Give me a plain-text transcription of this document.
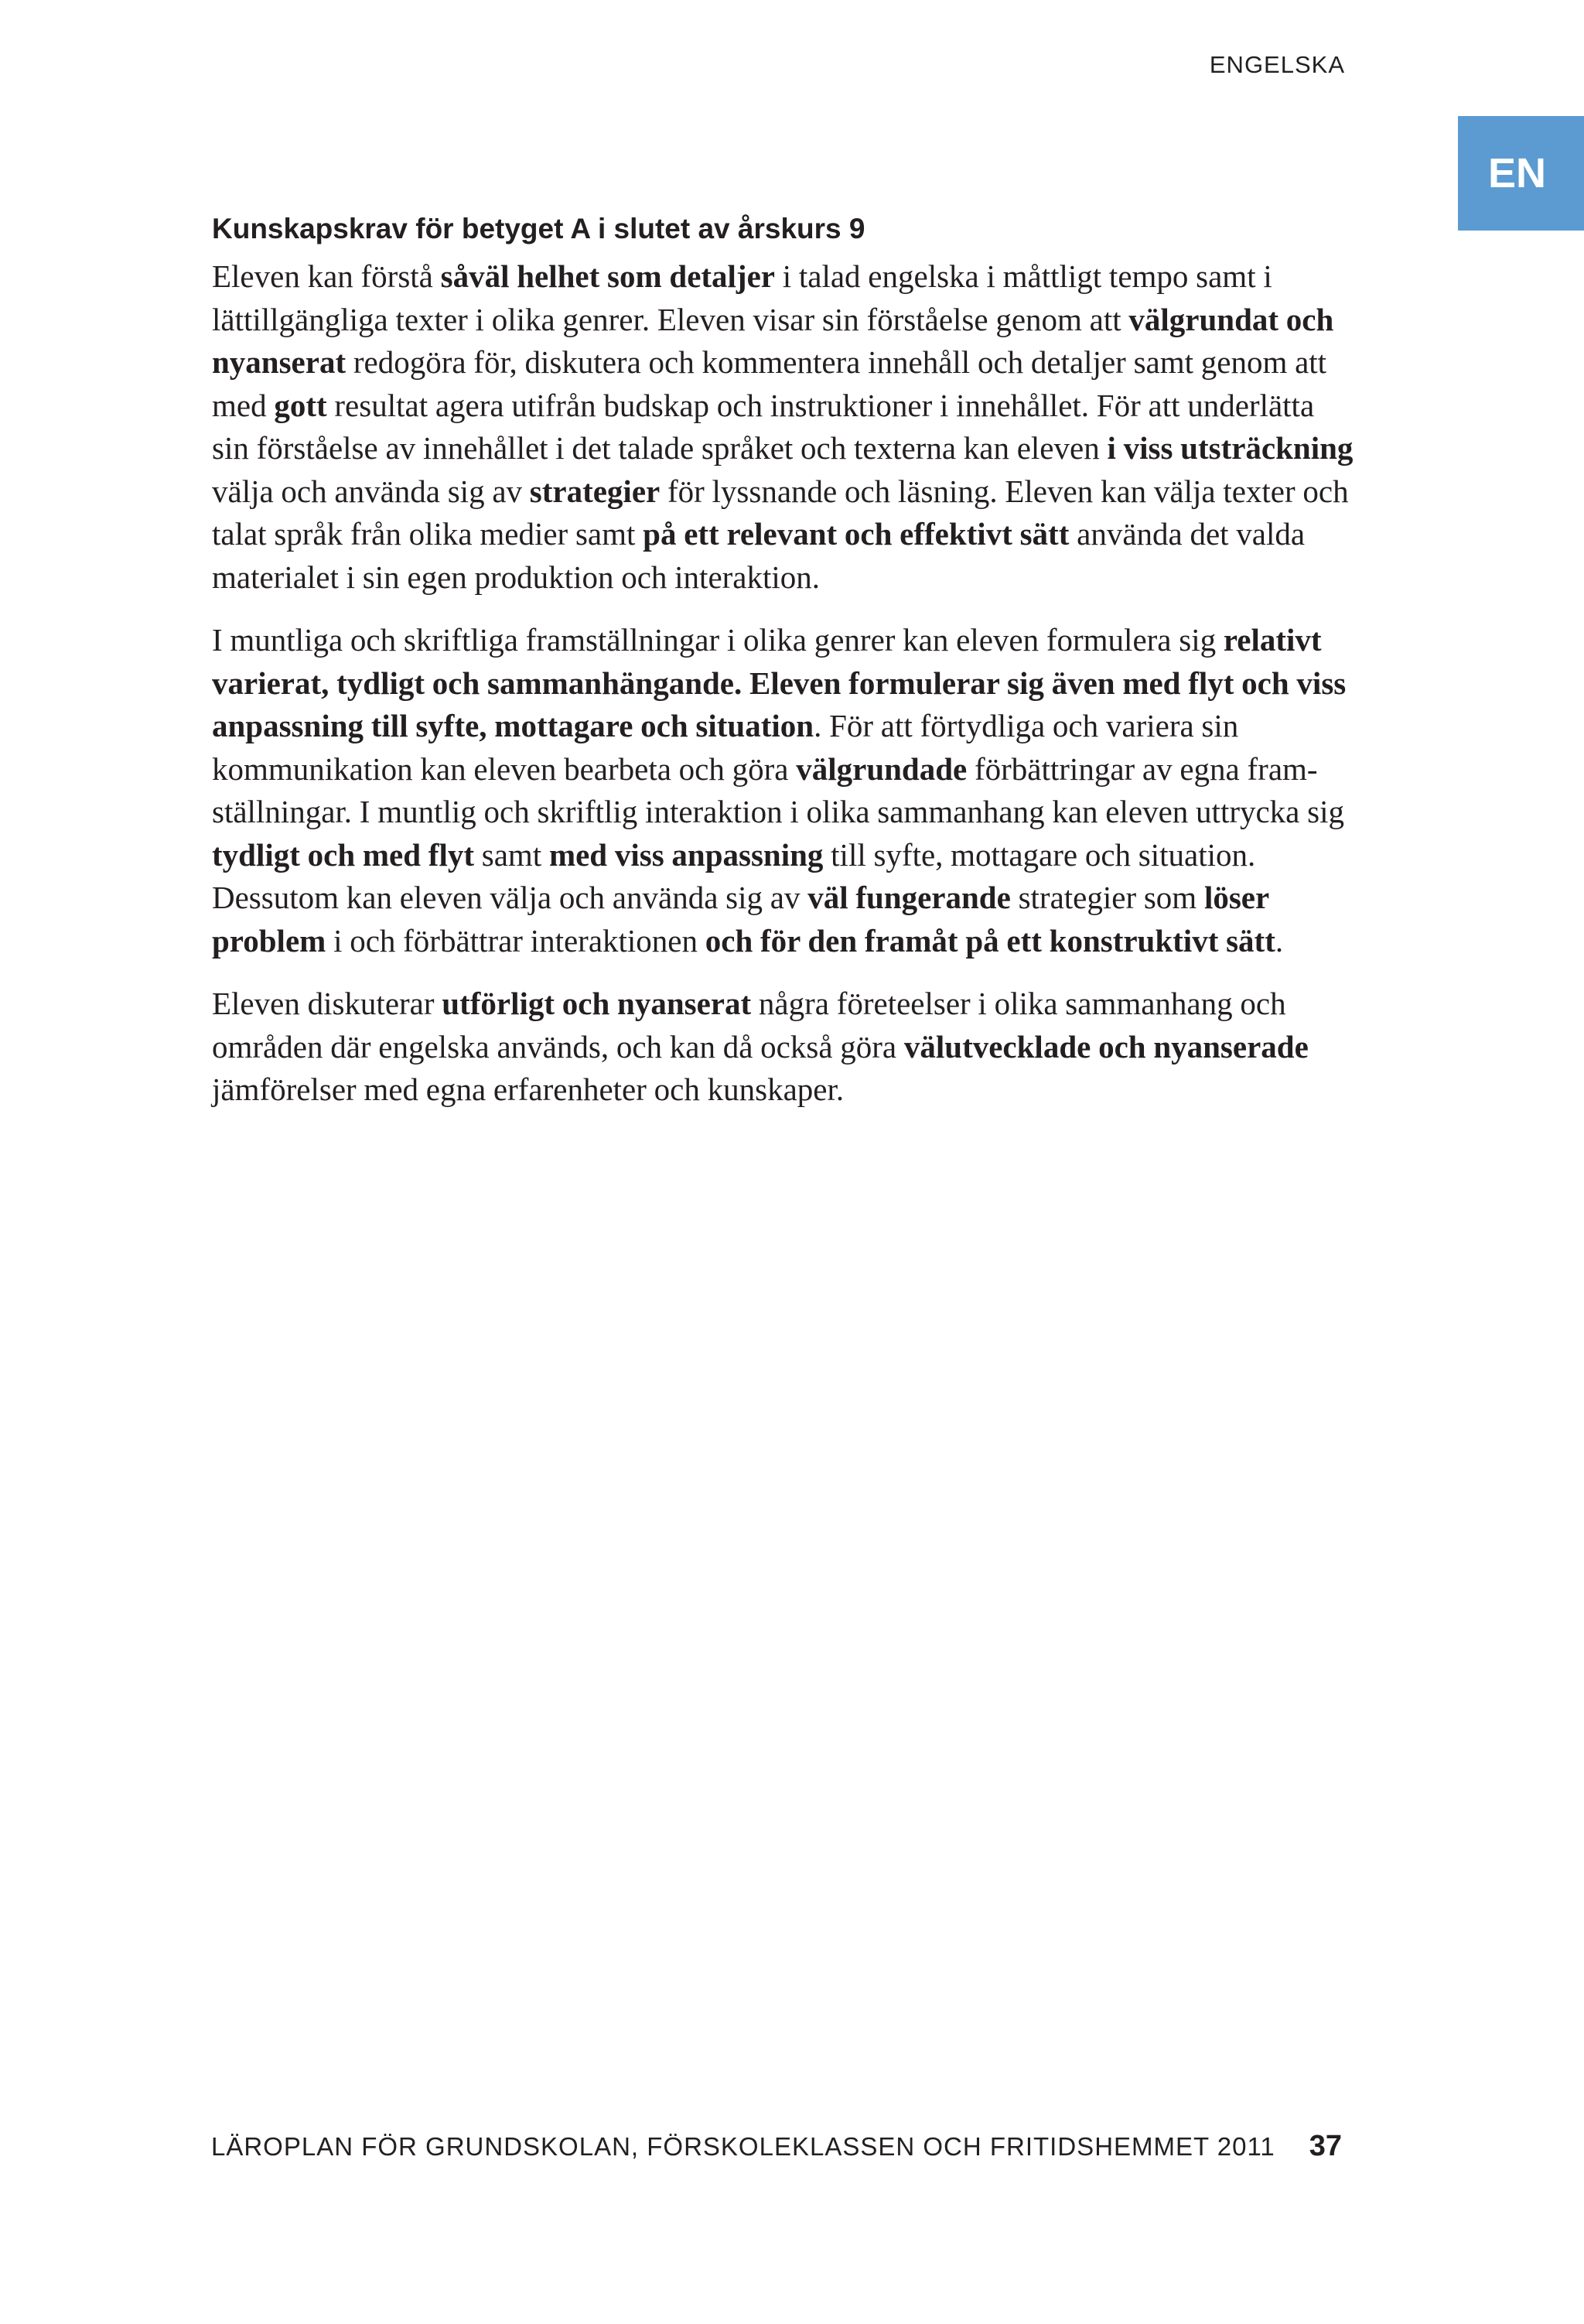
ENGELSKA
EN
Kunskapskrav för betyget A i slutet av årskurs 9

Eleven kan förstå såväl helhet som detaljer i talad engelska i måttligt tempo samt i lättillgängliga texter i olika genrer. Eleven visar sin förståelse genom att välgrundat och nyanserat redogöra för, diskutera och kommentera innehåll och detaljer samt genom att med gott resultat agera utifrån budskap och instruktioner i innehållet. För att underlätta sin förståelse av innehållet i det talade språket och texterna kan eleven i viss utsträckning välja och använda sig av strategier för lyssnande och läsning. Eleven kan välja texter och talat språk från olika medier samt på ett relevant och effektivt sätt använda det valda materialet i sin egen produktion och interaktion.

I muntliga och skriftliga framställningar i olika genrer kan eleven formulera sig relativt varierat, tydligt och sammanhängande. Eleven formulerar sig även med flyt och viss anpassning till syfte, mottagare och situation. För att förtydliga och variera sin kommunikation kan eleven bearbeta och göra välgrundade förbättringar av egna framställningar. I muntlig och skriftlig interaktion i olika sammanhang kan eleven uttrycka sig tydligt och med flyt samt med viss anpassning till syfte, mottagare och situation. Dessutom kan eleven välja och använda sig av väl fungerande strategier som löser problem i och förbättrar interaktionen och för den framåt på ett konstruktivt sätt.

Eleven diskuterar utförligt och nyanserat några företeelser i olika sammanhang och områden där engelska används, och kan då också göra välutvecklade och nyanserade jämförelser med egna erfarenheter och kunskaper.

LÄROPLAN FÖR GRUNDSKOLAN, FÖRSKOLEKLASSEN OCH FRITIDSHEMMET 2011 37
